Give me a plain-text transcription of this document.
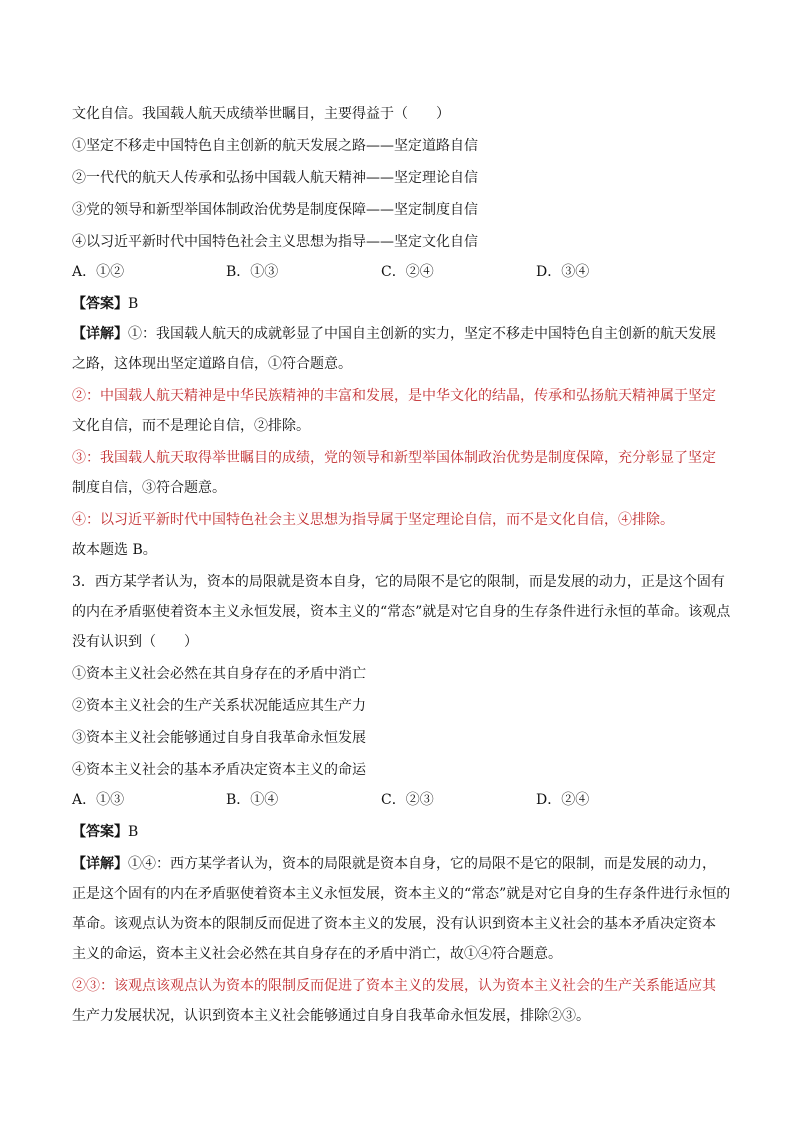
文化自信。我国载人航天成绩举世瞩目，主要得益于（　　）
①坚定不移走中国特色自主创新的航天发展之路——坚定道路自信
②一代代的航天人传承和弘扬中国载人航天精神——坚定理论自信
③党的领导和新型举国体制政治优势是制度保障——坚定制度自信
④以习近平新时代中国特色社会主义思想为指导——坚定文化自信
A．①②	B．①③	C．②④	D．③④
【答案】B
【详解】①：我国载人航天的成就彰显了中国自主创新的实力，坚定不移走中国特色自主创新的航天发展
之路，这体现出坚定道路自信，①符合题意。
②：中国载人航天精神是中华民族精神的丰富和发展，是中华文化的结晶，传承和弘扬航天精神属于坚定
文化自信，而不是理论自信，②排除。
③：我国载人航天取得举世瞩目的成绩，党的领导和新型举国体制政治优势是制度保障，充分彰显了坚定
制度自信，③符合题意。
④：以习近平新时代中国特色社会主义思想为指导属于坚定理论自信，而不是文化自信，④排除。
故本题选 B。
3．西方某学者认为，资本的局限就是资本自身，它的局限不是它的限制，而是发展的动力，正是这个固有
的内在矛盾驱使着资本主义永恒发展，资本主义的“常态”就是对它自身的生存条件进行永恒的革命。该观点
没有认识到（　　）
①资本主义社会必然在其自身存在的矛盾中消亡
②资本主义社会的生产关系状况能适应其生产力
③资本主义社会能够通过自身自我革命永恒发展
④资本主义社会的基本矛盾决定资本主义的命运
A．①③	B．①④	C．②③	D．②④
【答案】B
【详解】①④：西方某学者认为，资本的局限就是资本自身，它的局限不是它的限制，而是发展的动力，
正是这个固有的内在矛盾驱使着资本主义永恒发展，资本主义的“常态”就是对它自身的生存条件进行永恒的
革命。该观点认为资本的限制反而促进了资本主义的发展，没有认识到资本主义社会的基本矛盾决定资本
主义的命运，资本主义社会必然在其自身存在的矛盾中消亡，故①④符合题意。
②③：该观点该观点认为资本的限制反而促进了资本主义的发展，认为资本主义社会的生产关系能适应其
生产力发展状况，认识到资本主义社会能够通过自身自我革命永恒发展，排除②③。
